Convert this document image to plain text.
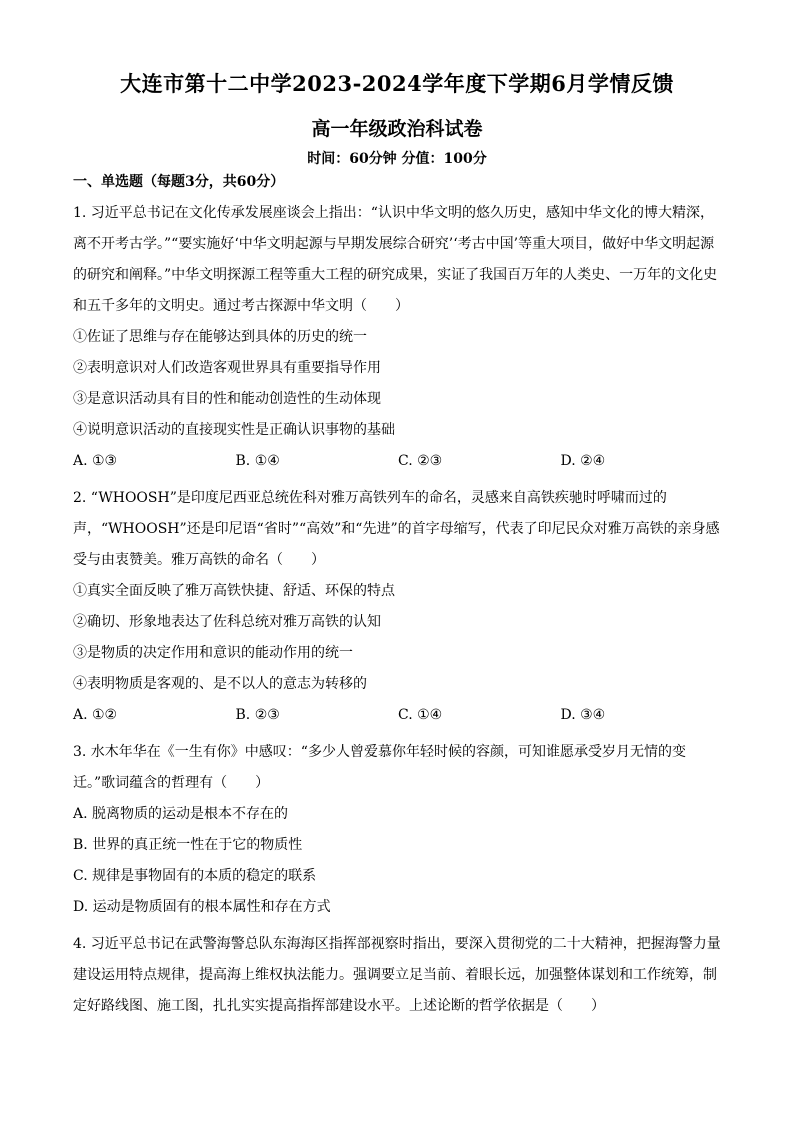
大连市第十二中学2023-2024学年度下学期6月学情反馈
高一年级政治科试卷
时间：60分钟 分值：100分
一、单选题（每题3分，共60分）
1. 习近平总书记在文化传承发展座谈会上指出：“认识中华文明的悠久历史，感知中华文化的博大精深，离不开考古学。”“要实施好‘中华文明起源与早期发展综合研究’‘考古中国’等重大项目，做好中华文明起源的研究和阐释。”中华文明探源工程等重大工程的研究成果，实证了我国百万年的人类史、一万年的文化史和五千多年的文明史。通过考古探源中华文明（　　）
①佐证了思维与存在能够达到具体的历史的统一
②表明意识对人们改造客观世界具有重要指导作用
③是意识活动具有目的性和能动创造性的生动体现
④说明意识活动的直接现实性是正确认识事物的基础
A. ①③	B. ①④	C. ②③	D. ②④
2. “WHOOSH”是印度尼西亚总统佐科对雅万高铁列车的命名，灵感来自高铁疾驰时呼啸而过的声，“WHOOSH”还是印尼语“省时”“高效”和“先进”的首字母缩写，代表了印尼民众对雅万高铁的亲身感受与由衷赞美。雅万高铁的命名（　　）
①真实全面反映了雅万高铁快捷、舒适、环保的特点
②确切、形象地表达了佐科总统对雅万高铁的认知
③是物质的决定作用和意识的能动作用的统一
④表明物质是客观的、是不以人的意志为转移的
A. ①②	B. ②③	C. ①④	D. ③④
3. 水木年华在《一生有你》中感叹：“多少人曾爱慕你年轻时候的容颜，可知谁愿承受岁月无情的变迁。”歌词蕴含的哲理有（　　）
A. 脱离物质的运动是根本不存在的
B. 世界的真正统一性在于它的物质性
C. 规律是事物固有的本质的稳定的联系
D. 运动是物质固有的根本属性和存在方式
4. 习近平总书记在武警海警总队东海海区指挥部视察时指出，要深入贯彻党的二十大精神，把握海警力量建设运用特点规律，提高海上维权执法能力。强调要立足当前、着眼长远，加强整体谋划和工作统筹，制定好路线图、施工图，扎扎实实提高指挥部建设水平。上述论断的哲学依据是（　　）
